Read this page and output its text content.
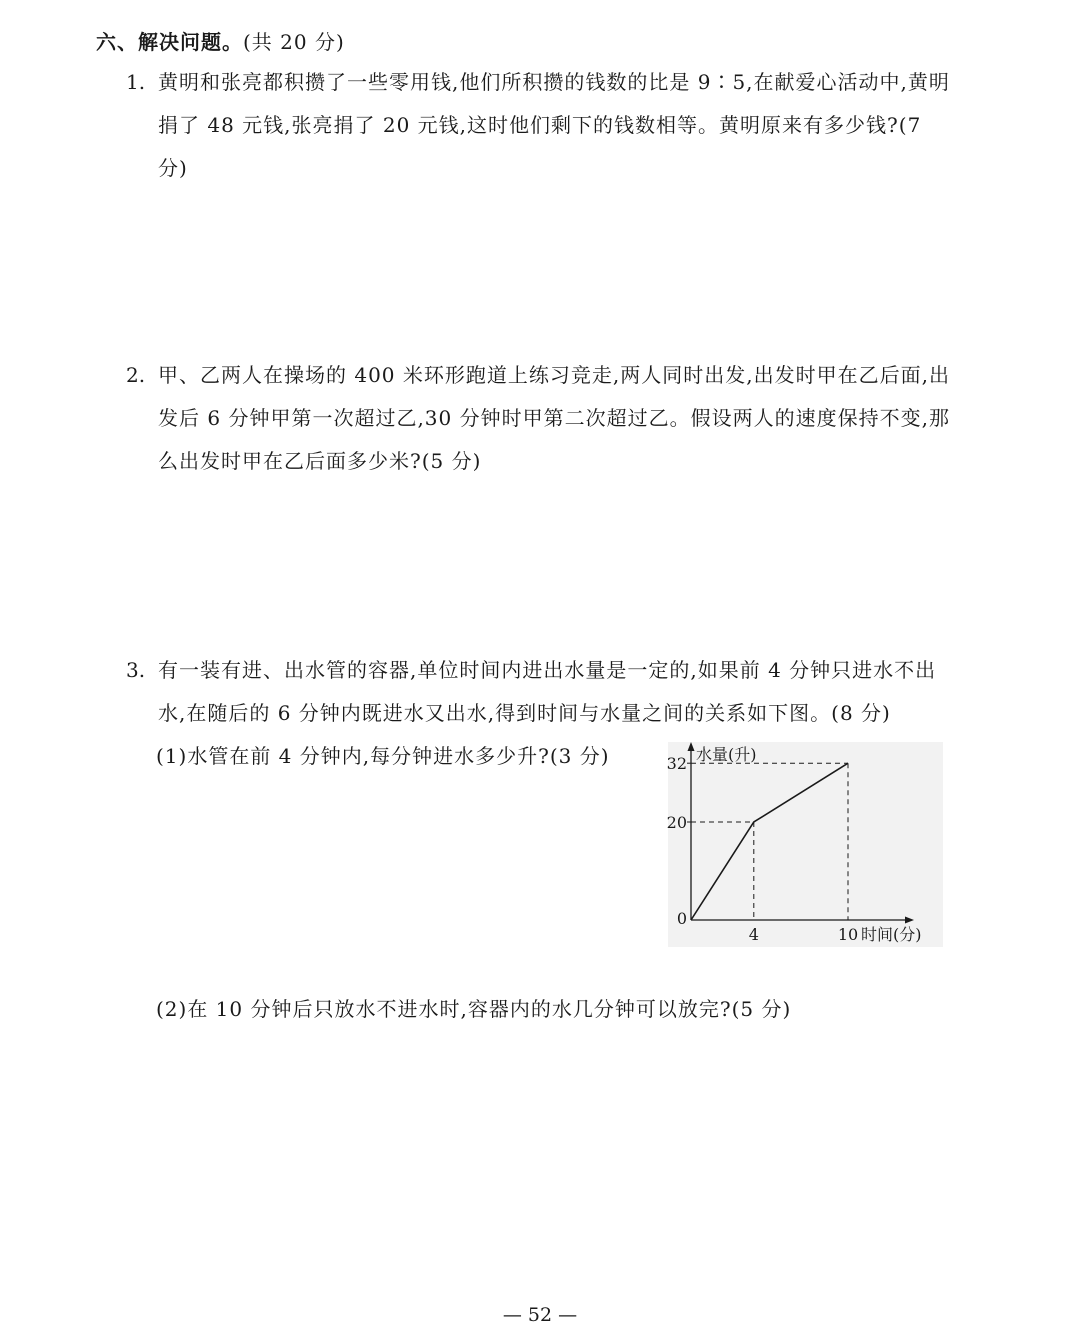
六、解决问题。(共 20 分)
1. 黄明和张亮都积攒了一些零用钱,他们所积攒的钱数的比是 9∶5,在献爱心活动中,黄明捐了 48 元钱,张亮捐了 20 元钱,这时他们剩下的钱数相等。黄明原来有多少钱?(7 分)
2. 甲、乙两人在操场的 400 米环形跑道上练习竞走,两人同时出发,出发时甲在乙后面,出发后 6 分钟甲第一次超过乙,30 分钟时甲第二次超过乙。假设两人的速度保持不变,那么出发时甲在乙后面多少米?(5 分)
3. 有一装有进、出水管的容器,单位时间内进出水量是一定的,如果前 4 分钟只进水不出水,在随后的 6 分钟内既进水又出水,得到时间与水量之间的关系如下图。(8 分)
(1)水管在前 4 分钟内,每分钟进水多少升?(3 分)
20
32
4	10
0
水量(升)
时间(分)
(2)在 10 分钟后只放水不进水时,容器内的水几分钟可以放完?(5 分)
— 52 —
